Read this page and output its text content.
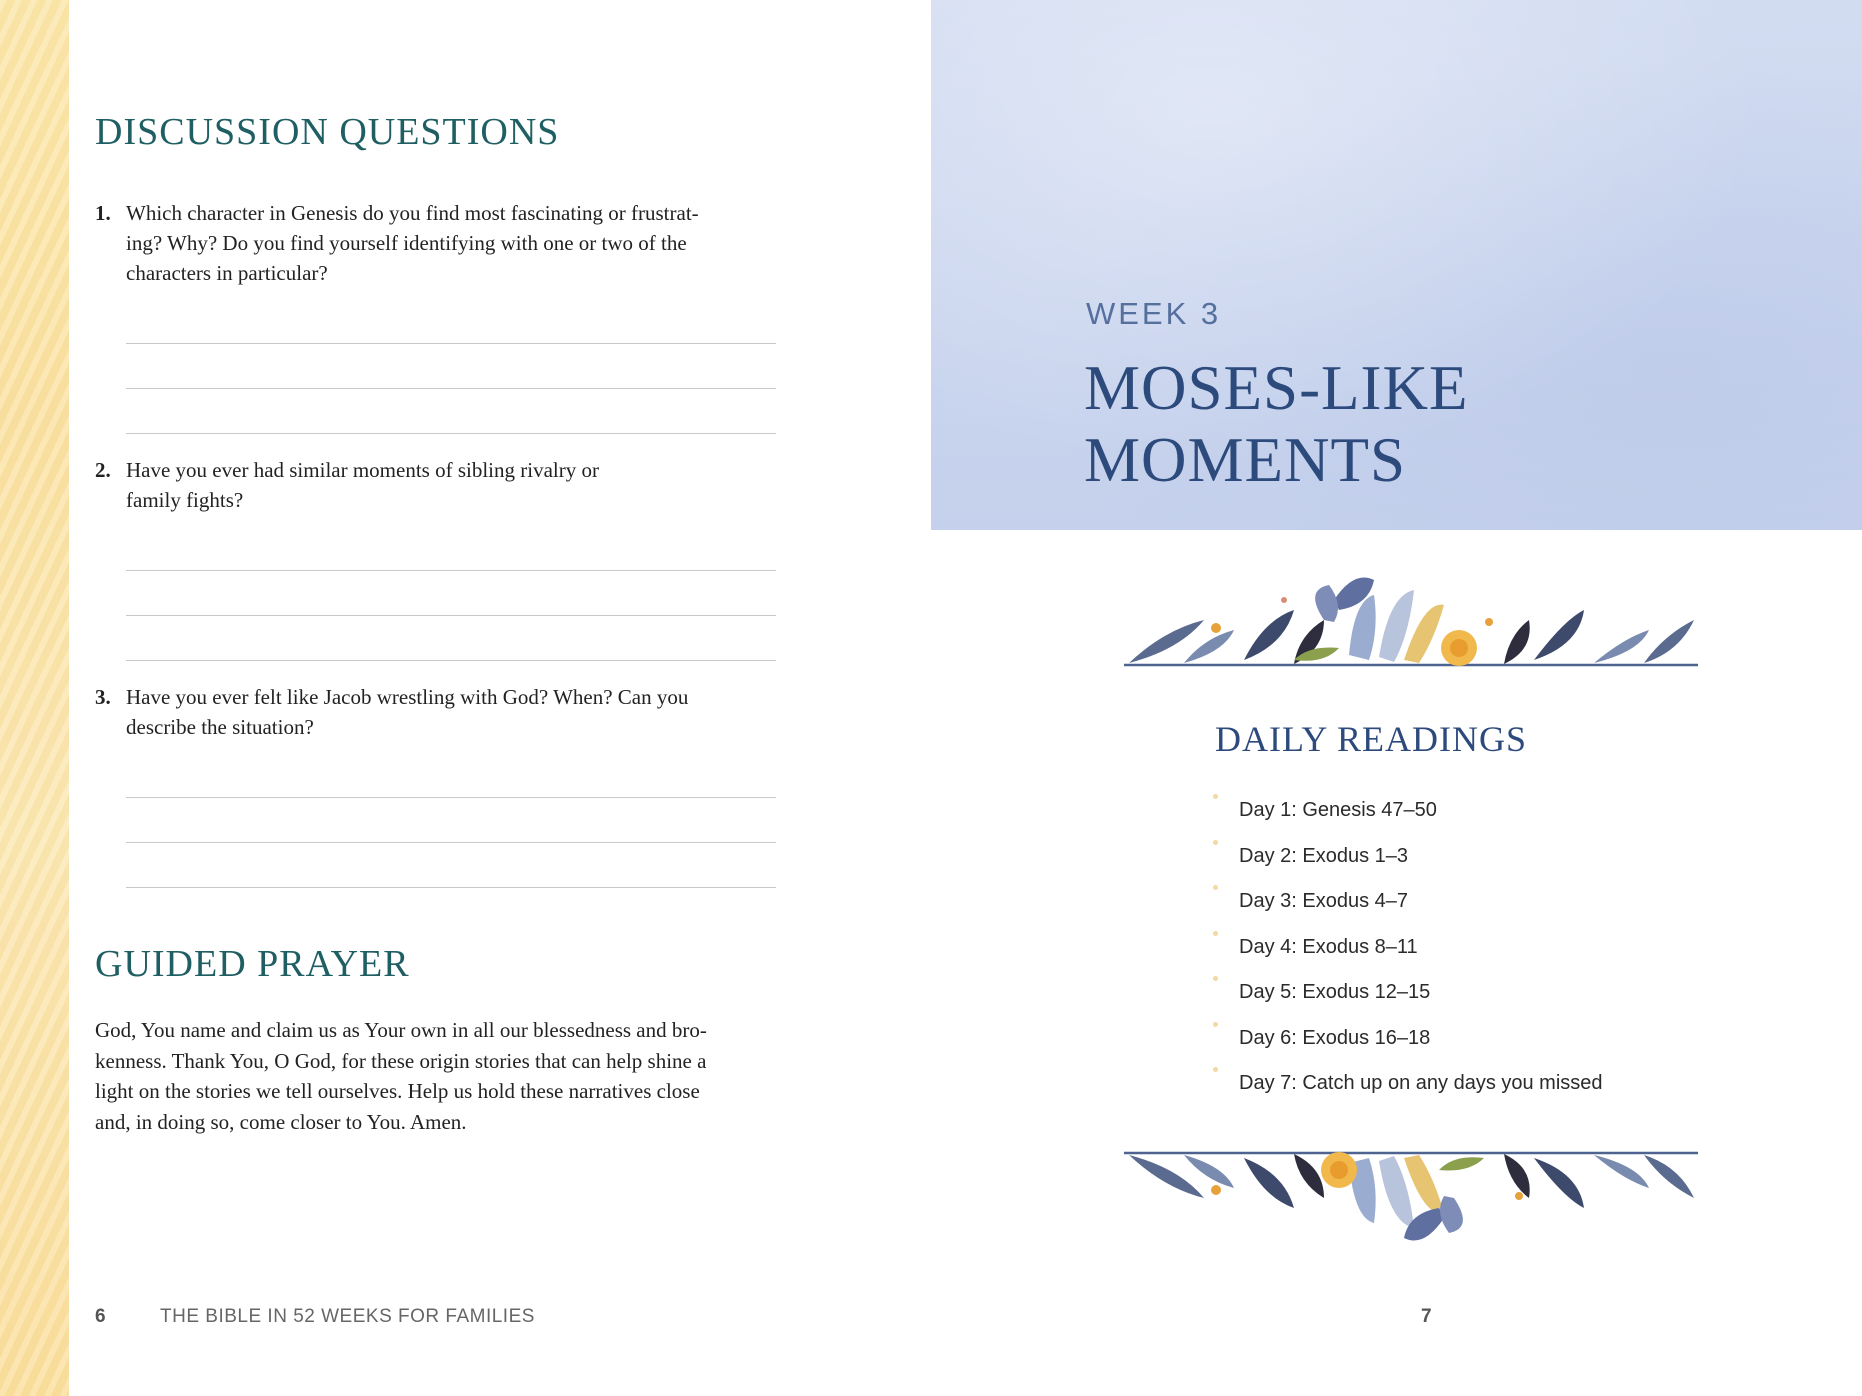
DISCUSSION QUESTIONS
1. Which character in Genesis do you find most fascinating or frustrat-
ing? Why? Do you find yourself identifying with one or two of the
characters in particular?
2. Have you ever had similar moments of sibling rivalry or
family fights?
3. Have you ever felt like Jacob wrestling with God? When? Can you
describe the situation?
GUIDED PRAYER

God, You name and claim us as Your own in all our blessedness and bro-
kenness. Thank You, O God, for these origin stories that can help shine a
light on the stories we tell ourselves. Help us hold these narratives close
and, in doing so, come closer to You. Amen.

6	THE BIBLE IN 52 WEEKS FOR FAMILIES
WEEK 3
MOSES-LIKE
MOMENTS
DAILY READINGS
Day 1: Genesis 47–50
Day 2: Exodus 1–3
Day 3: Exodus 4–7
Day 4: Exodus 8–11
Day 5: Exodus 12–15
Day 6: Exodus 16–18
Day 7: Catch up on any days you missed
7
